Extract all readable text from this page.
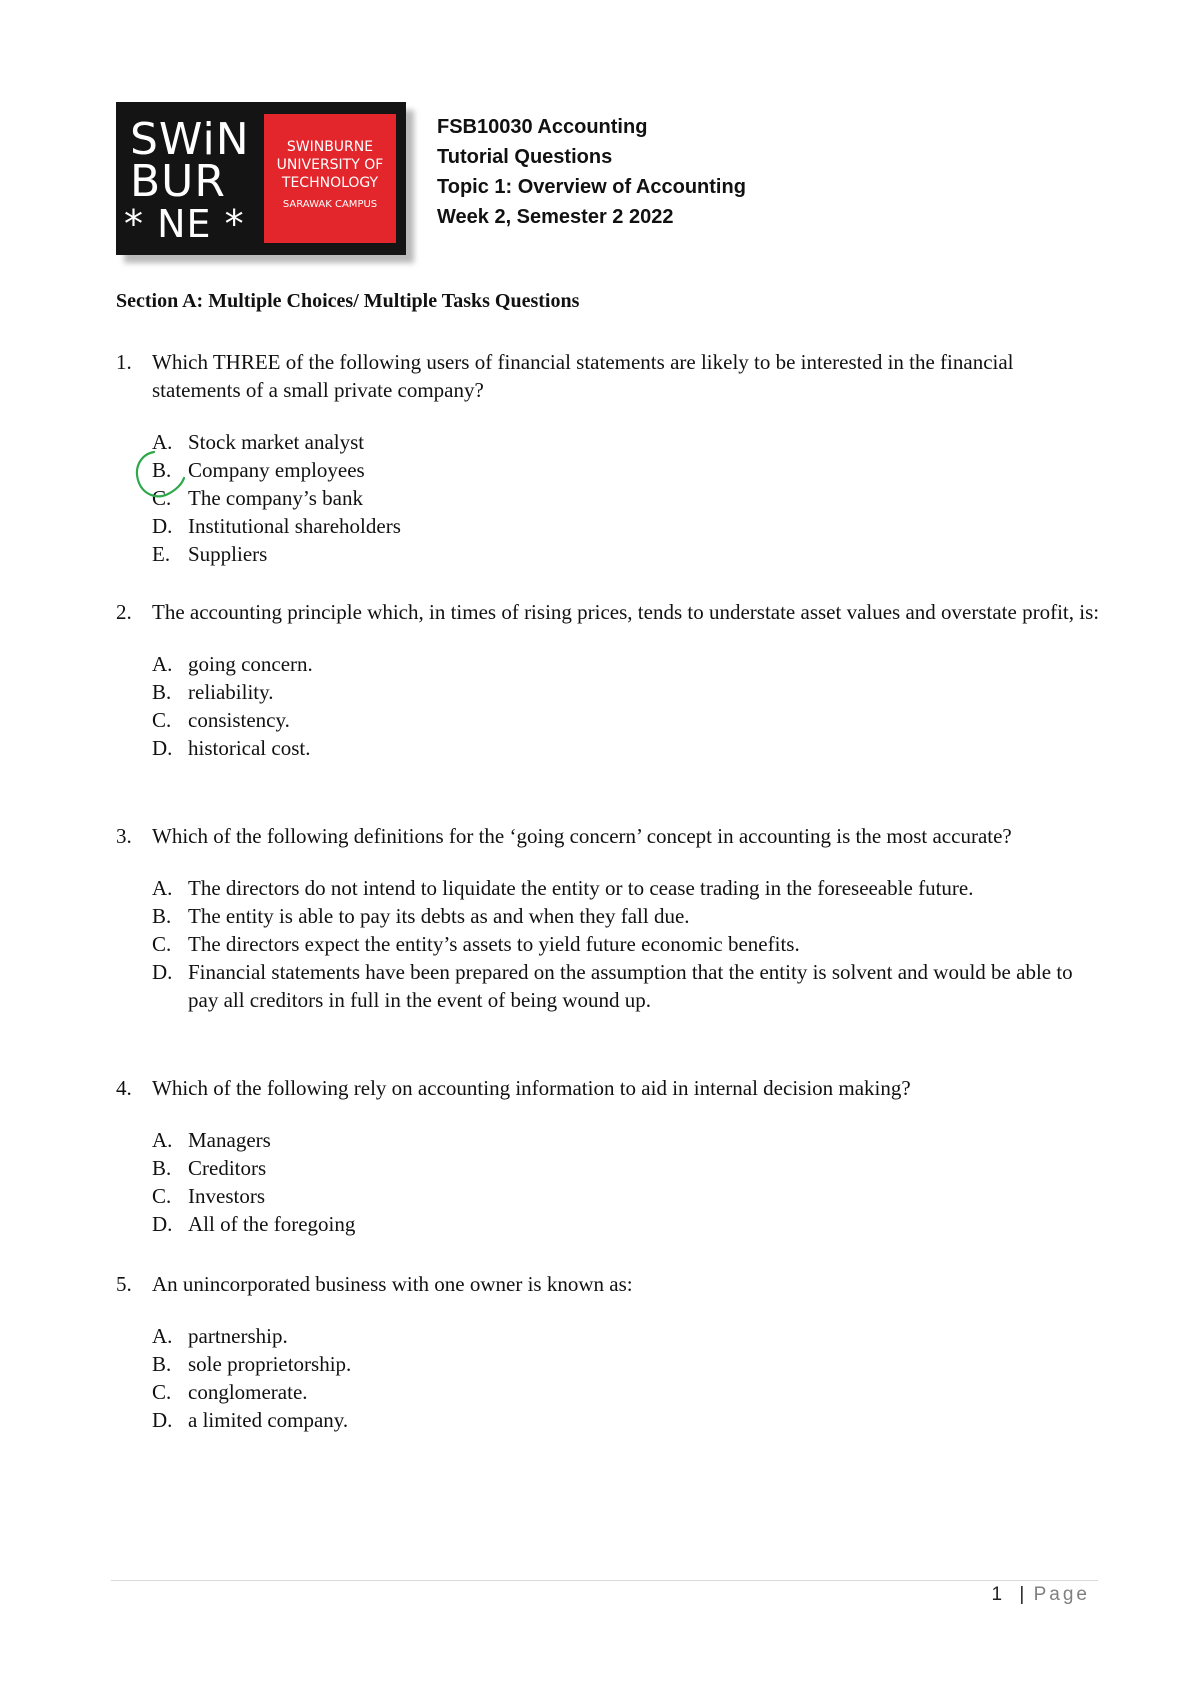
SWiN
BUR
* NE *
SWINBURNE
UNIVERSITY OF
TECHNOLOGY
SARAWAK CAMPUS
FSB10030 Accounting
Tutorial Questions
Topic 1: Overview of Accounting
Week 2, Semester 2 2022
Section A: Multiple Choices/ Multiple Tasks Questions
1. Which THREE of the following users of financial statements are likely to be interested in the financial statements of a small private company?
A. Stock market analyst
B. Company employees
C. The company’s bank
D. Institutional shareholders
E. Suppliers
2. The accounting principle which, in times of rising prices, tends to understate asset values and overstate profit, is:
A. going concern.
B. reliability.
C. consistency.
D. historical cost.
3. Which of the following definitions for the ‘going concern’ concept in accounting is the most accurate?
A. The directors do not intend to liquidate the entity or to cease trading in the foreseeable future.
B. The entity is able to pay its debts as and when they fall due.
C. The directors expect the entity’s assets to yield future economic benefits.
D. Financial statements have been prepared on the assumption that the entity is solvent and would be able to pay all creditors in full in the event of being wound up.
4. Which of the following rely on accounting information to aid in internal decision making?
A. Managers
B. Creditors
C. Investors
D. All of the foregoing
5. An unincorporated business with one owner is known as:
A. partnership.
B. sole proprietorship.
C. conglomerate.
D. a limited company.
1 | Page
